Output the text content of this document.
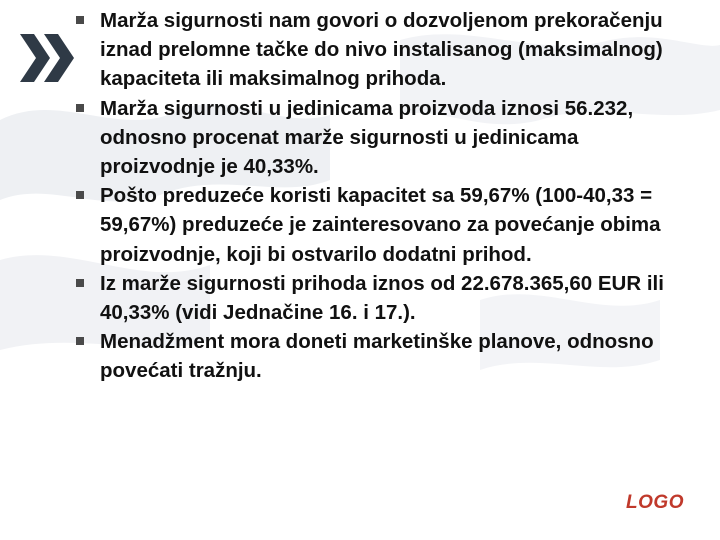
Marža sigurnosti nam govori o dozvoljenom prekoračenju iznad prelomne tačke do nivo instalisanog (maksimalnog) kapaciteta ili maksimalnog prihoda.
Marža sigurnosti u jedinicama proizvoda iznosi 56.232, odnosno procenat marže sigurnosti u jedinicama proizvodnje je 40,33%.
Pošto preduzeće koristi kapacitet sa 59,67% (100-40,33 = 59,67%) preduzeće je zainteresovano za povećanje obima proizvodnje, koji bi ostvarilo dodatni prihod.
Iz marže sigurnosti prihoda iznos od 22.678.365,60 EUR ili 40,33% (vidi Jednačine 16. i 17.).
Menadžment mora doneti marketinške planove, odnosno povećati tražnju.
LOGO
